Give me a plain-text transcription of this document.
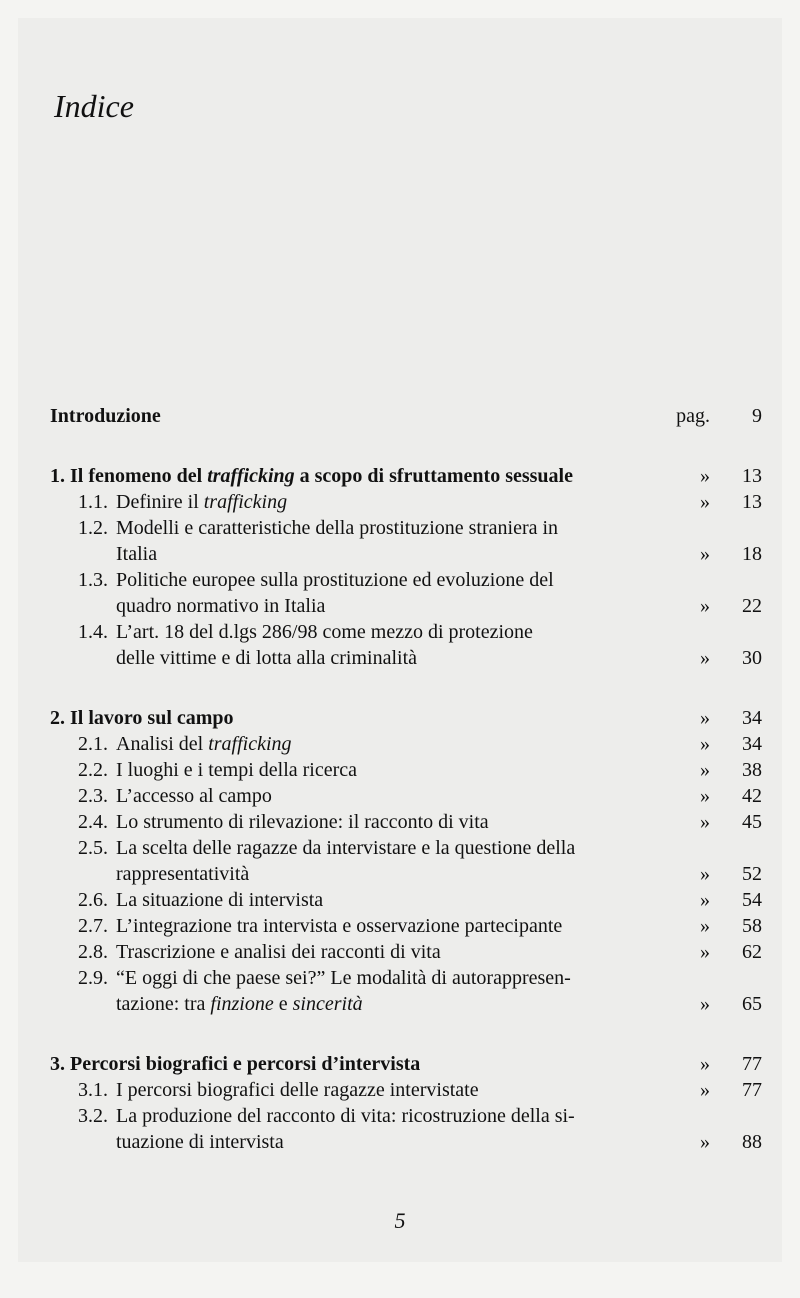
Indice
Introduzione	pag.	9
1. Il fenomeno del trafficking a scopo di sfruttamento sessuale	»	13
1.1. Definire il trafficking	»	13
1.2. Modelli e caratteristiche della prostituzione straniera in
Italia	»	18
1.3. Politiche europee sulla prostituzione ed evoluzione del
quadro normativo in Italia	»	22
1.4. L’art. 18 del d.lgs 286/98 come mezzo di protezione
delle vittime e di lotta alla criminalità	»	30
2. Il lavoro sul campo	»	34
2.1. Analisi del trafficking	»	34
2.2. I luoghi e i tempi della ricerca	»	38
2.3. L’accesso al campo	»	42
2.4. Lo strumento di rilevazione: il racconto di vita	»	45
2.5. La scelta delle ragazze da intervistare e la questione della
rappresentatività	»	52
2.6. La situazione di intervista	»	54
2.7. L’integrazione tra intervista e osservazione partecipante	»	58
2.8. Trascrizione e analisi dei racconti di vita	»	62
2.9. “E oggi di che paese sei?” Le modalità di autorappresen-
tazione: tra finzione e sincerità	»	65
3. Percorsi biografici e percorsi d’intervista	»	77
3.1. I percorsi biografici delle ragazze intervistate	»	77
3.2. La produzione del racconto di vita: ricostruzione della si-
tuazione di intervista	»	88
5
